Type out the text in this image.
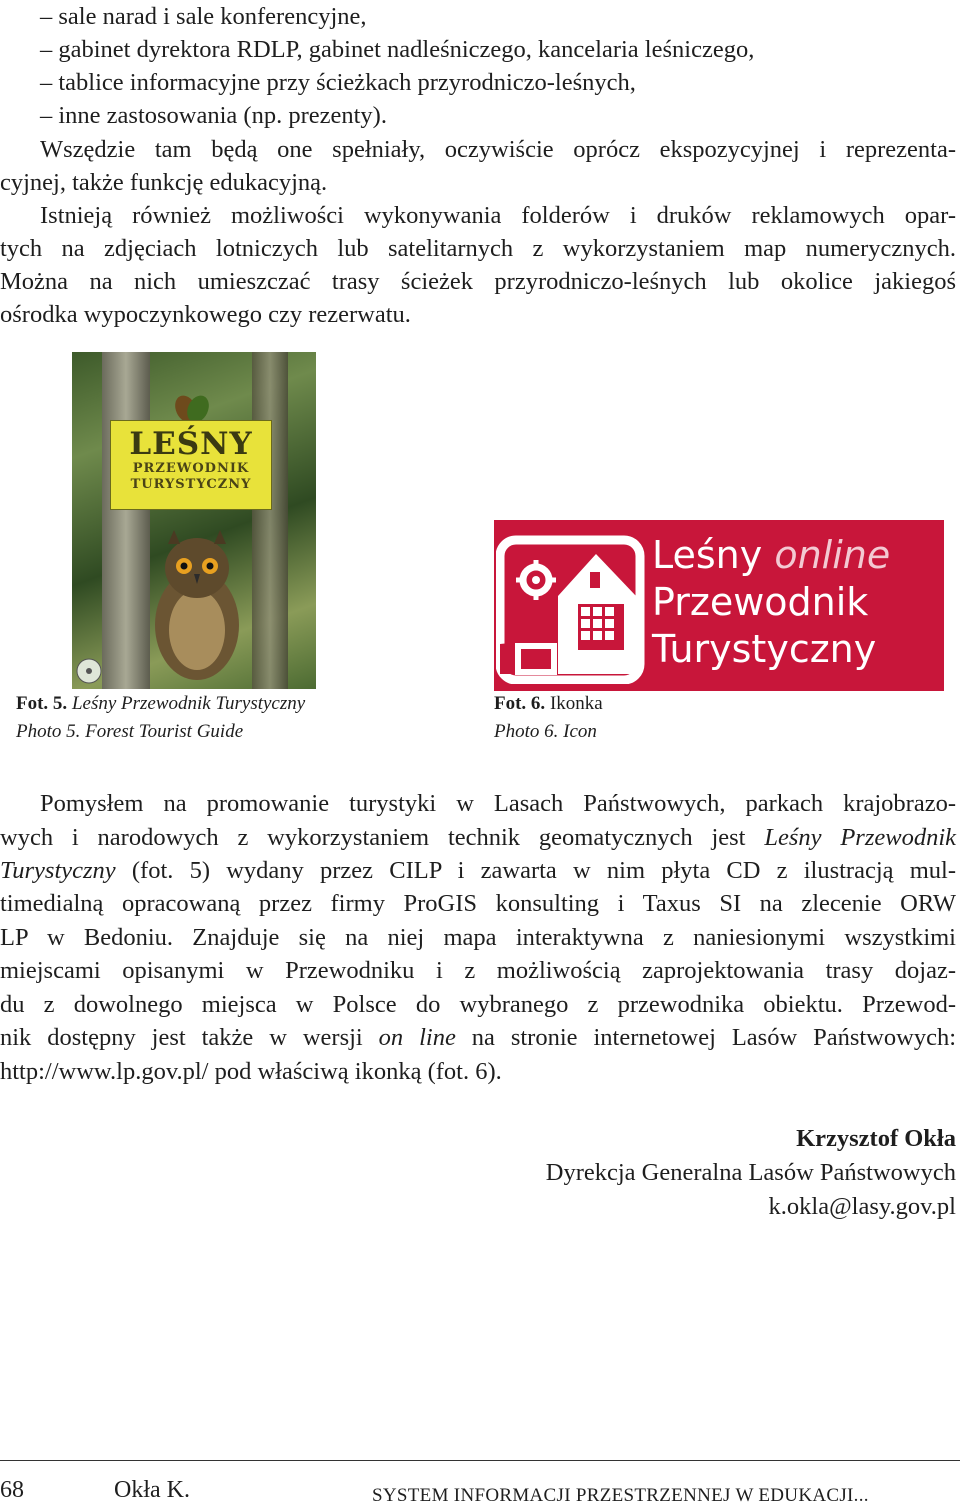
– sale narad i sale konferencyjne,
– gabinet dyrektora RDLP, gabinet nadleśniczego, kancelaria leśniczego,
– tablice informacyjne przy ścieżkach przyrodniczo-leśnych,
– inne zastosowania (np. prezenty).
Wszędzie tam będą one spełniały, oczywiście oprócz ekspozycyjnej i reprezenta-
cyjnej, także funkcję edukacyjną.
Istnieją również możliwości wykonywania folderów i druków reklamowych opar-
tych na zdjęciach lotniczych lub satelitarnych z wykorzystaniem map numerycznych.
Można na nich umieszczać trasy ścieżek przyrodniczo-leśnych lub okolice jakiegoś
ośrodka wypoczynkowego czy rezerwatu.
LEŚNY
PRZEWODNIK
TURYSTYCZNY
Leśny online
Przewodnik
Turystyczny
Fot. 5. Leśny Przewodnik Turystyczny
Photo 5. Forest Tourist Guide
Fot. 6. Ikonka
Photo 6. Icon
Pomysłem na promowanie turystyki w Lasach Państwowych, parkach krajobrazo-
wych i narodowych z wykorzystaniem technik geomatycznych jest Leśny Przewodnik
Turystyczny (fot. 5) wydany przez CILP i zawarta w nim płyta CD z ilustracją mul-
timedialną opracowaną przez firmy ProGIS konsulting i Taxus SI na zlecenie ORW
LP w Bedoniu. Znajduje się na niej mapa interaktywna z naniesionymi wszystkimi
miejscami opisanymi w Przewodniku i z możliwością zaprojektowania trasy dojaz-
du z dowolnego miejsca w Polsce do wybranego z przewodnika obiektu. Przewod-
nik dostępny jest także w wersji on line na stronie internetowej Lasów Państwowych:
http://www.lp.gov.pl/ pod właściwą ikonką (fot. 6).
Krzysztof Okła
Dyrekcja Generalna Lasów Państwowych
k.okla@lasy.gov.pl
68	Okła K.	SYSTEM INFORMACJI PRZESTRZENNEJ W EDUKACJI...
